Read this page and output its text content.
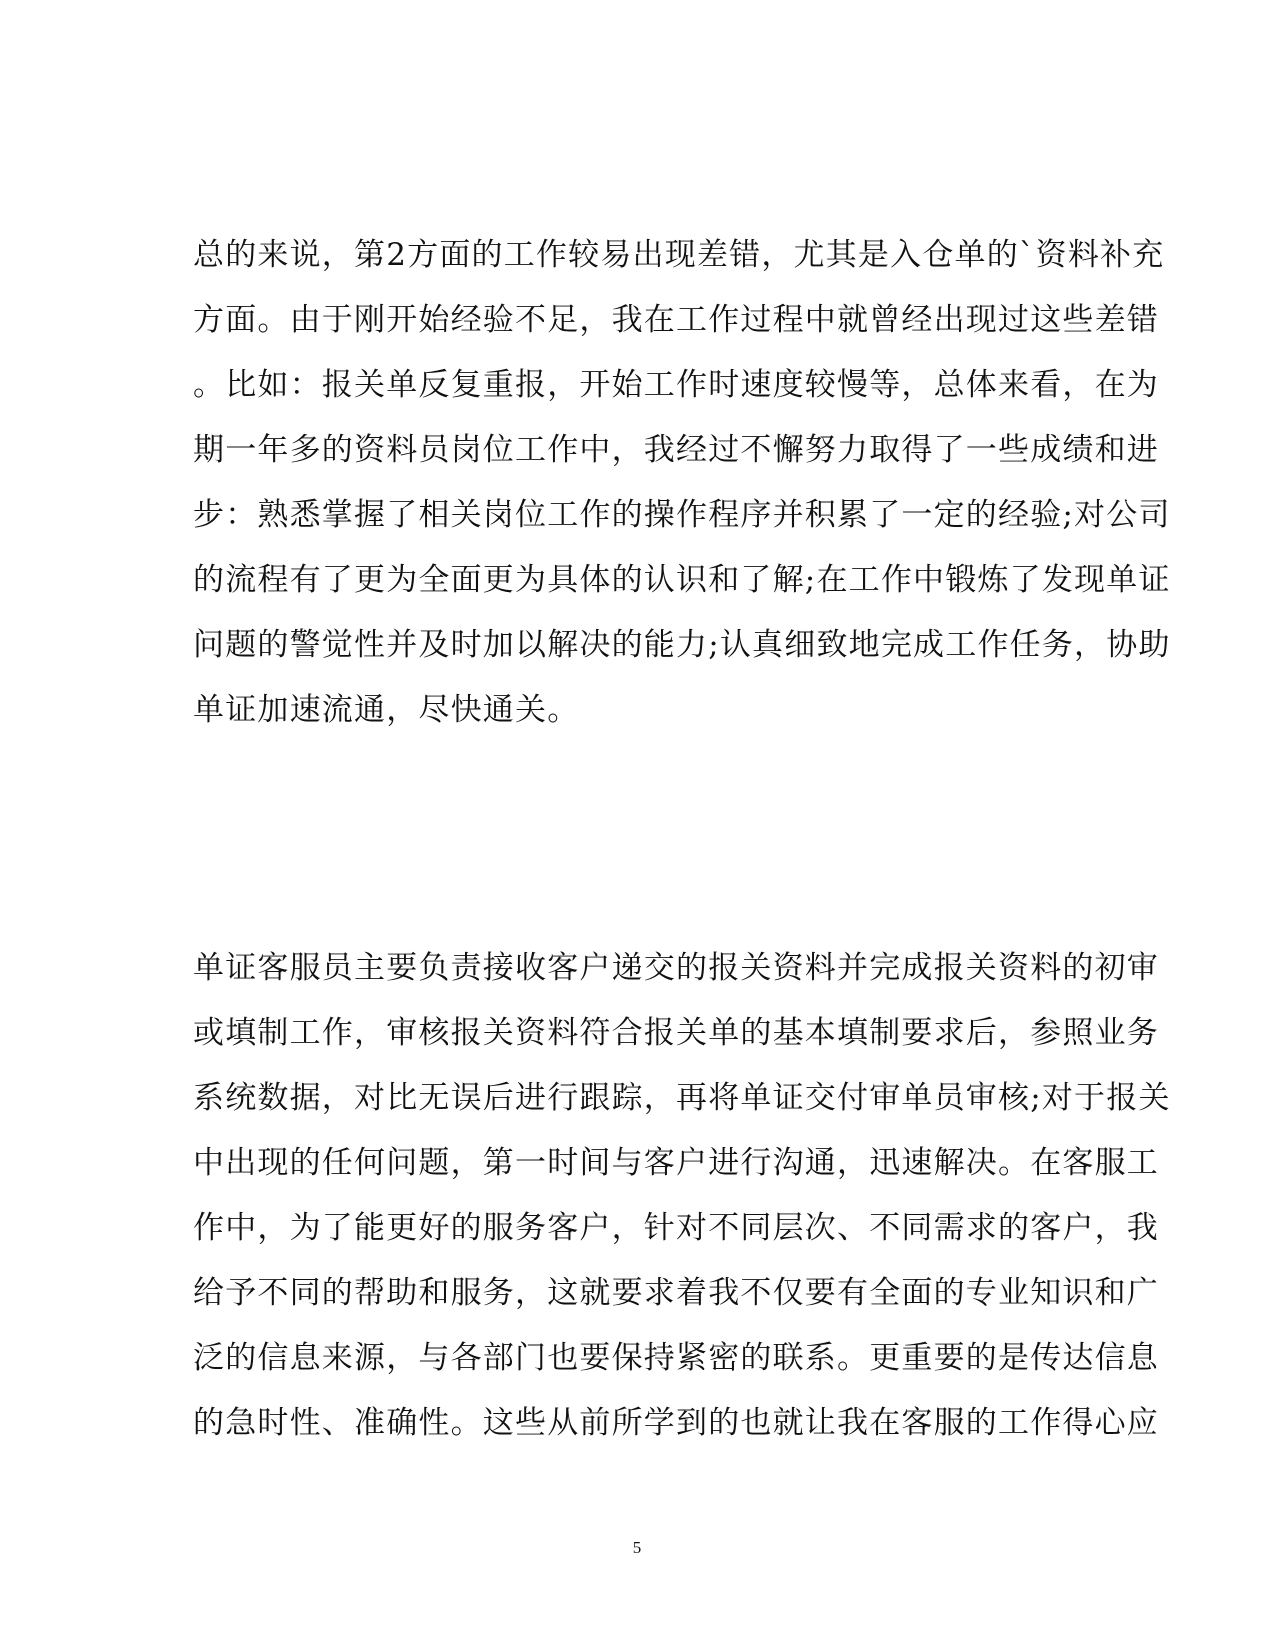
总的来说，第2方面的工作较易出现差错，尤其是入仓单的`资料补充
方面。由于刚开始经验不足，我在工作过程中就曾经出现过这些差错
。比如：报关单反复重报，开始工作时速度较慢等，总体来看，在为
期一年多的资料员岗位工作中，我经过不懈努力取得了一些成绩和进
步：熟悉掌握了相关岗位工作的操作程序并积累了一定的经验;对公司
的流程有了更为全面更为具体的认识和了解;在工作中锻炼了发现单证
问题的警觉性并及时加以解决的能力;认真细致地完成工作任务，协助
单证加速流通，尽快通关。
单证客服员主要负责接收客户递交的报关资料并完成报关资料的初审
或填制工作，审核报关资料符合报关单的基本填制要求后，参照业务
系统数据，对比无误后进行跟踪，再将单证交付审单员审核;对于报关
中出现的任何问题，第一时间与客户进行沟通，迅速解决。在客服工
作中，为了能更好的服务客户，针对不同层次、不同需求的客户，我
给予不同的帮助和服务，这就要求着我不仅要有全面的专业知识和广
泛的信息来源，与各部门也要保持紧密的联系。更重要的是传达信息
的急时性、准确性。这些从前所学到的也就让我在客服的工作得心应
5
